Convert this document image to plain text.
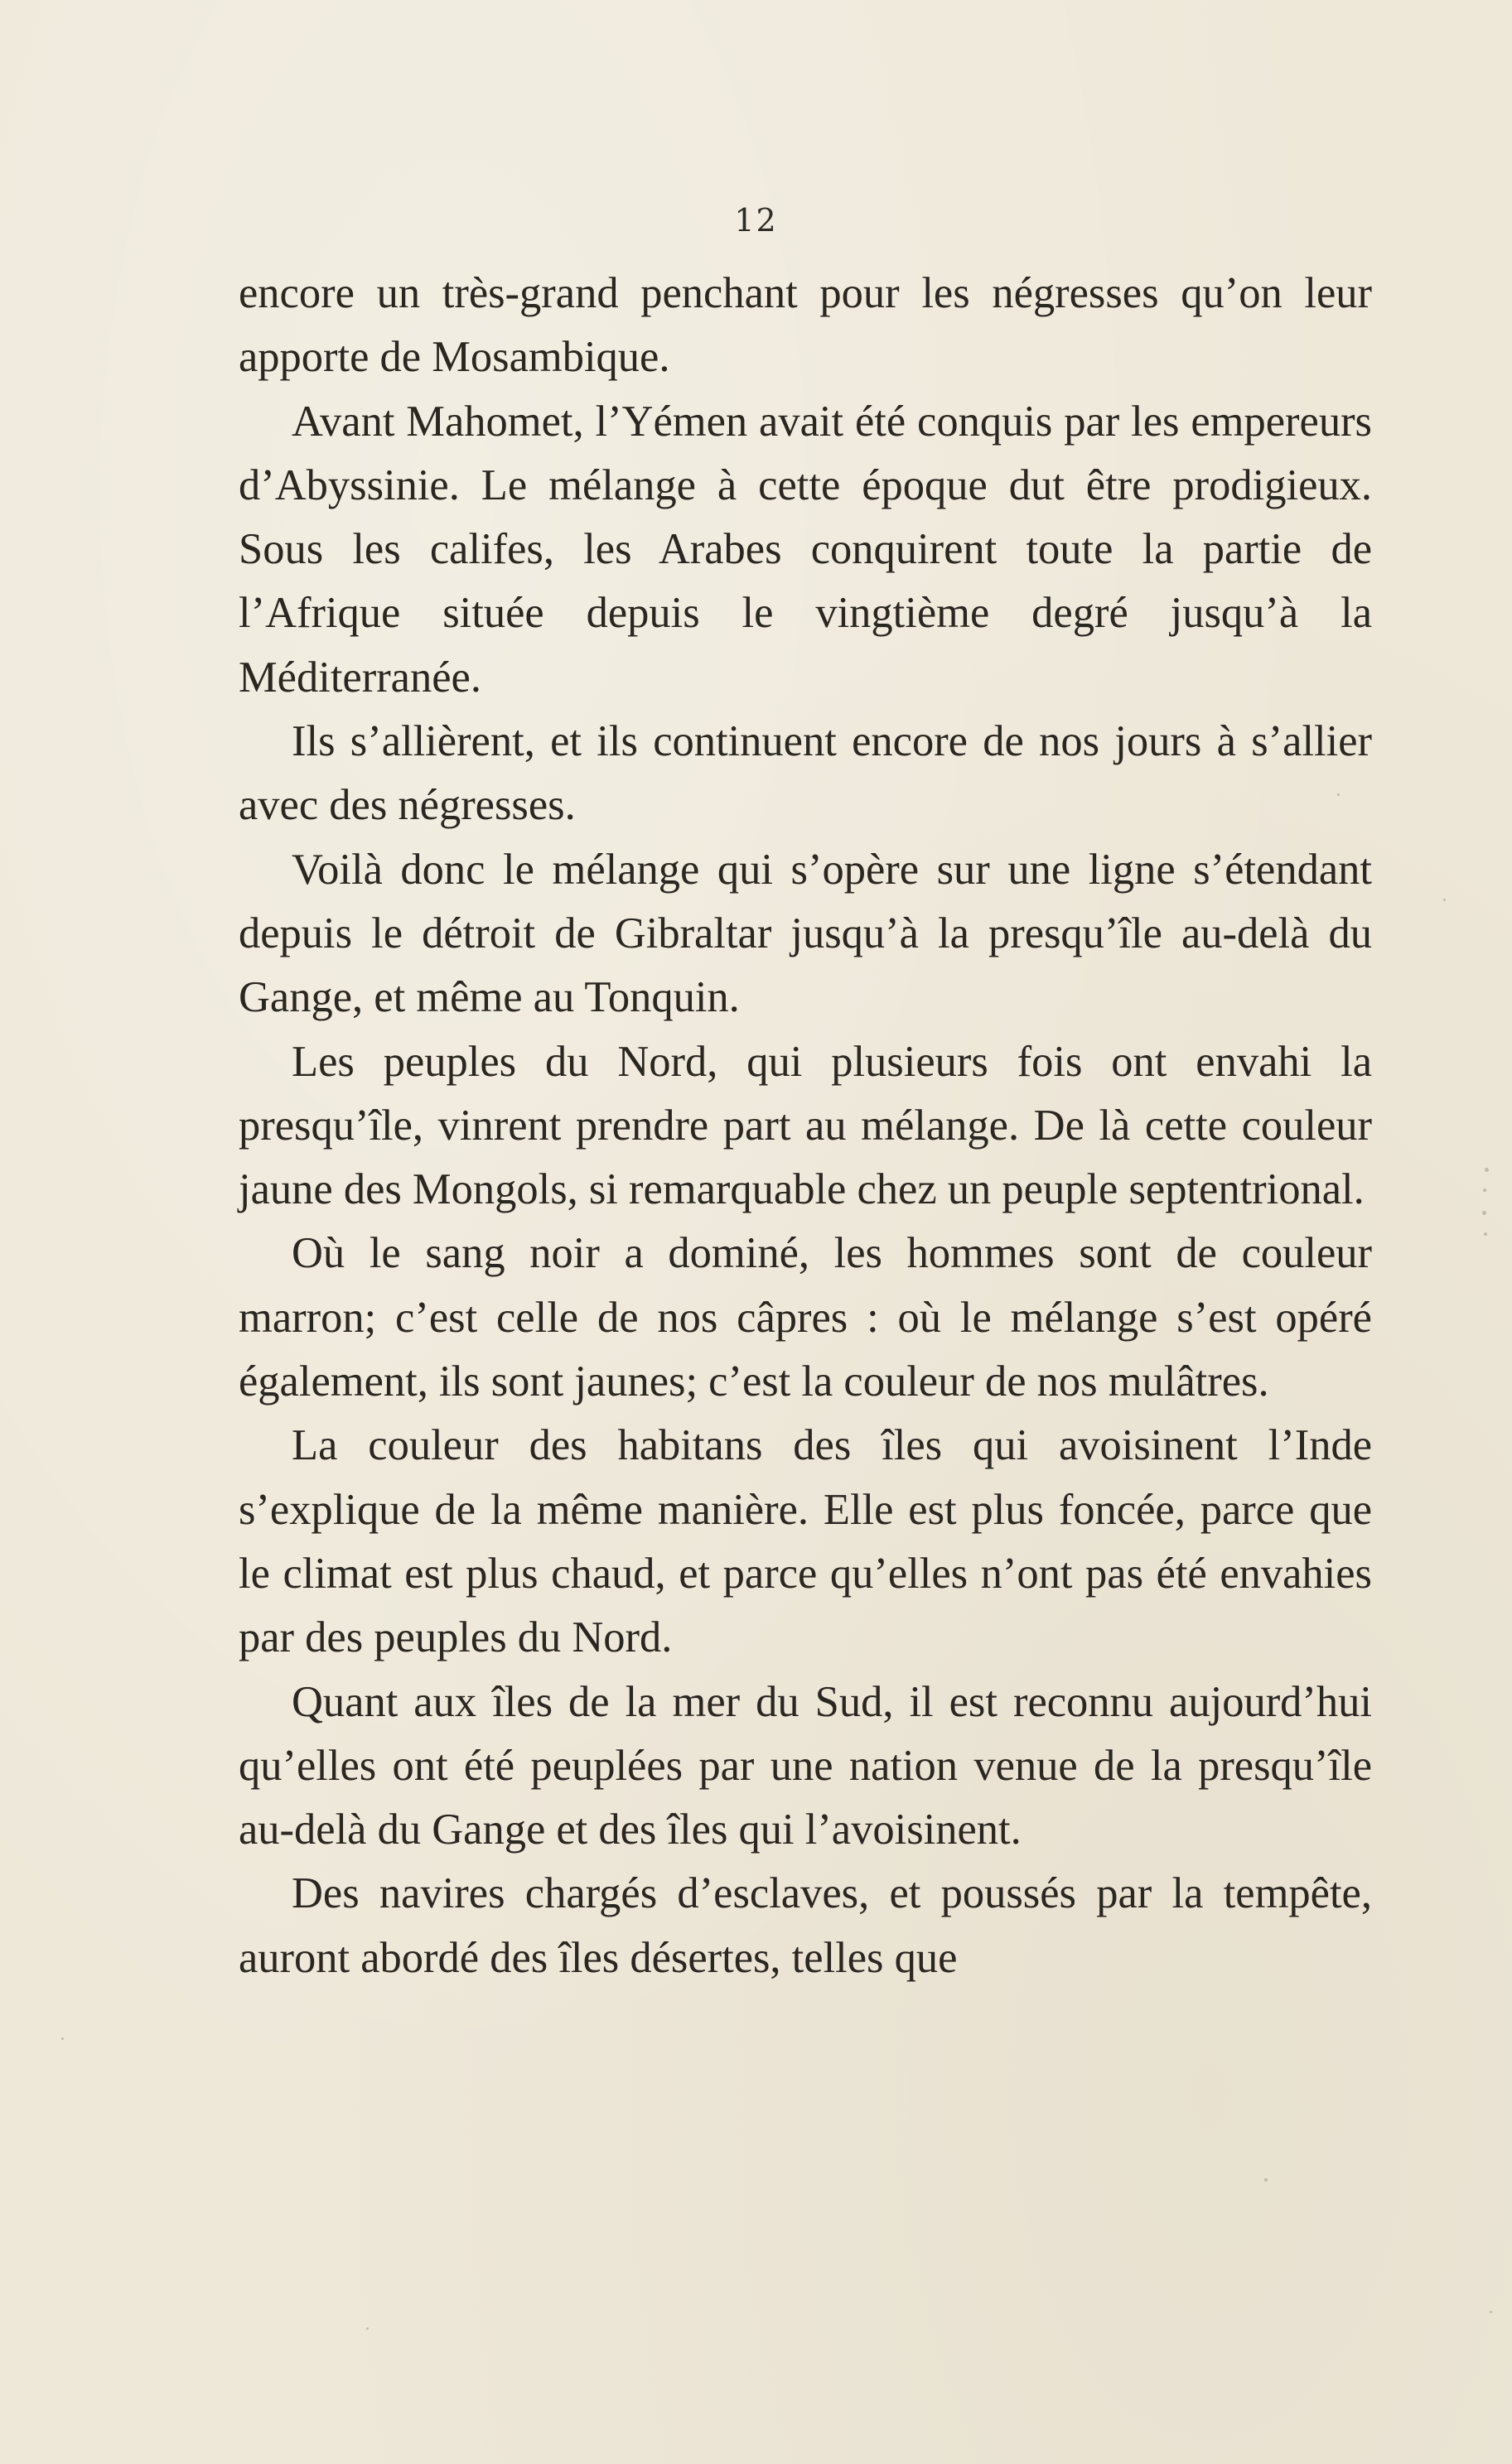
12

encore un très-grand penchant pour les négresses qu’on leur apporte de Mosambique.

Avant Mahomet, l’Yémen avait été conquis par les empereurs d’Abyssinie. Le mélange à cette époque dut être prodigieux. Sous les califes, les Arabes conquirent toute la partie de l’Afrique située depuis le vingtième degré jusqu’à la Méditerranée.

Ils s’allièrent, et ils continuent encore de nos jours à s’allier avec des négresses.

Voilà donc le mélange qui s’opère sur une ligne s’étendant depuis le détroit de Gibraltar jusqu’à la presqu’île au-delà du Gange, et même au Tonquin.

Les peuples du Nord, qui plusieurs fois ont envahi la presqu’île, vinrent prendre part au mélange. De là cette couleur jaune des Mongols, si remarquable chez un peuple septentrional.

Où le sang noir a dominé, les hommes sont de couleur marron; c’est celle de nos câpres : où le mélange s’est opéré également, ils sont jaunes; c’est la couleur de nos mulâtres.

La couleur des habitans des îles qui avoisinent l’Inde s’explique de la même manière. Elle est plus foncée, parce que le climat est plus chaud, et parce qu’elles n’ont pas été envahies par des peuples du Nord.

Quant aux îles de la mer du Sud, il est reconnu aujourd’hui qu’elles ont été peuplées par une nation venue de la presqu’île au-delà du Gange et des îles qui l’avoisinent.

Des navires chargés d’esclaves, et poussés par la tempête, auront abordé des îles désertes, telles que
